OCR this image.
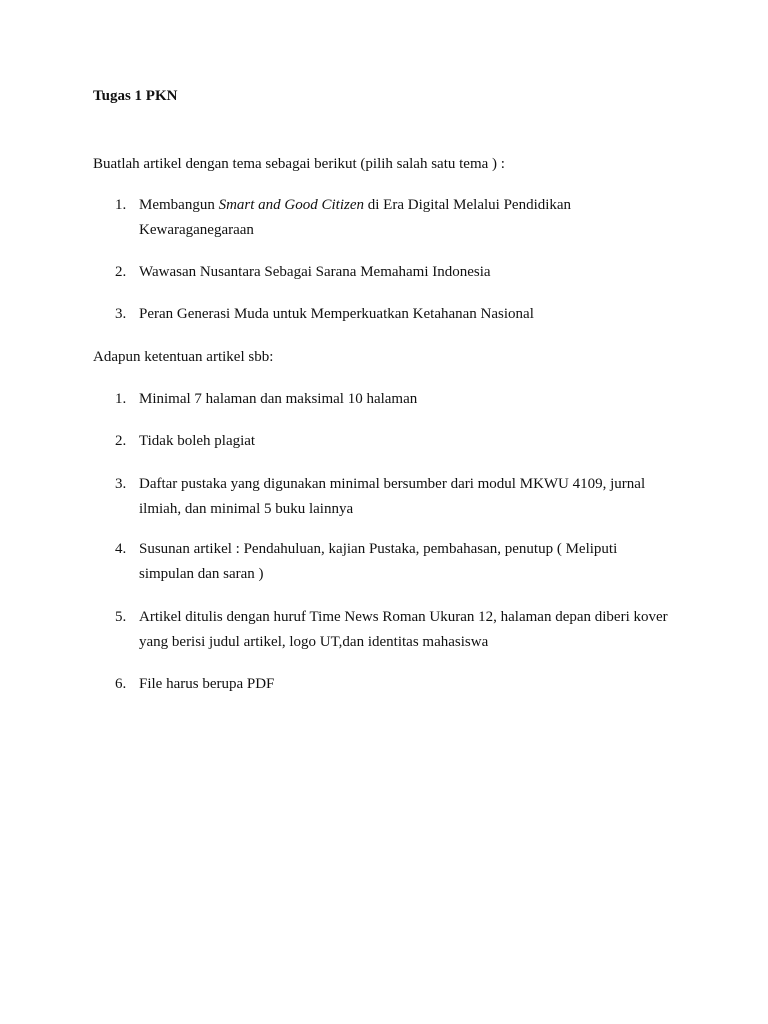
Tugas 1 PKN
Buatlah artikel dengan tema sebagai berikut (pilih salah satu tema ) :
1. Membangun Smart and Good Citizen di Era Digital Melalui Pendidikan Kewaraganegaraan
2. Wawasan Nusantara Sebagai Sarana Memahami Indonesia
3. Peran Generasi Muda untuk Memperkuatkan Ketahanan Nasional
Adapun ketentuan artikel sbb:
1. Minimal 7 halaman dan maksimal 10 halaman
2. Tidak boleh plagiat
3. Daftar pustaka yang digunakan minimal bersumber dari modul MKWU 4109, jurnal ilmiah, dan minimal 5 buku lainnya
4. Susunan artikel : Pendahuluan, kajian Pustaka, pembahasan, penutup ( Meliputi simpulan dan saran )
5. Artikel ditulis dengan huruf Time News Roman Ukuran 12, halaman depan diberi kover yang berisi judul artikel, logo UT,dan identitas mahasiswa
6. File harus berupa PDF
